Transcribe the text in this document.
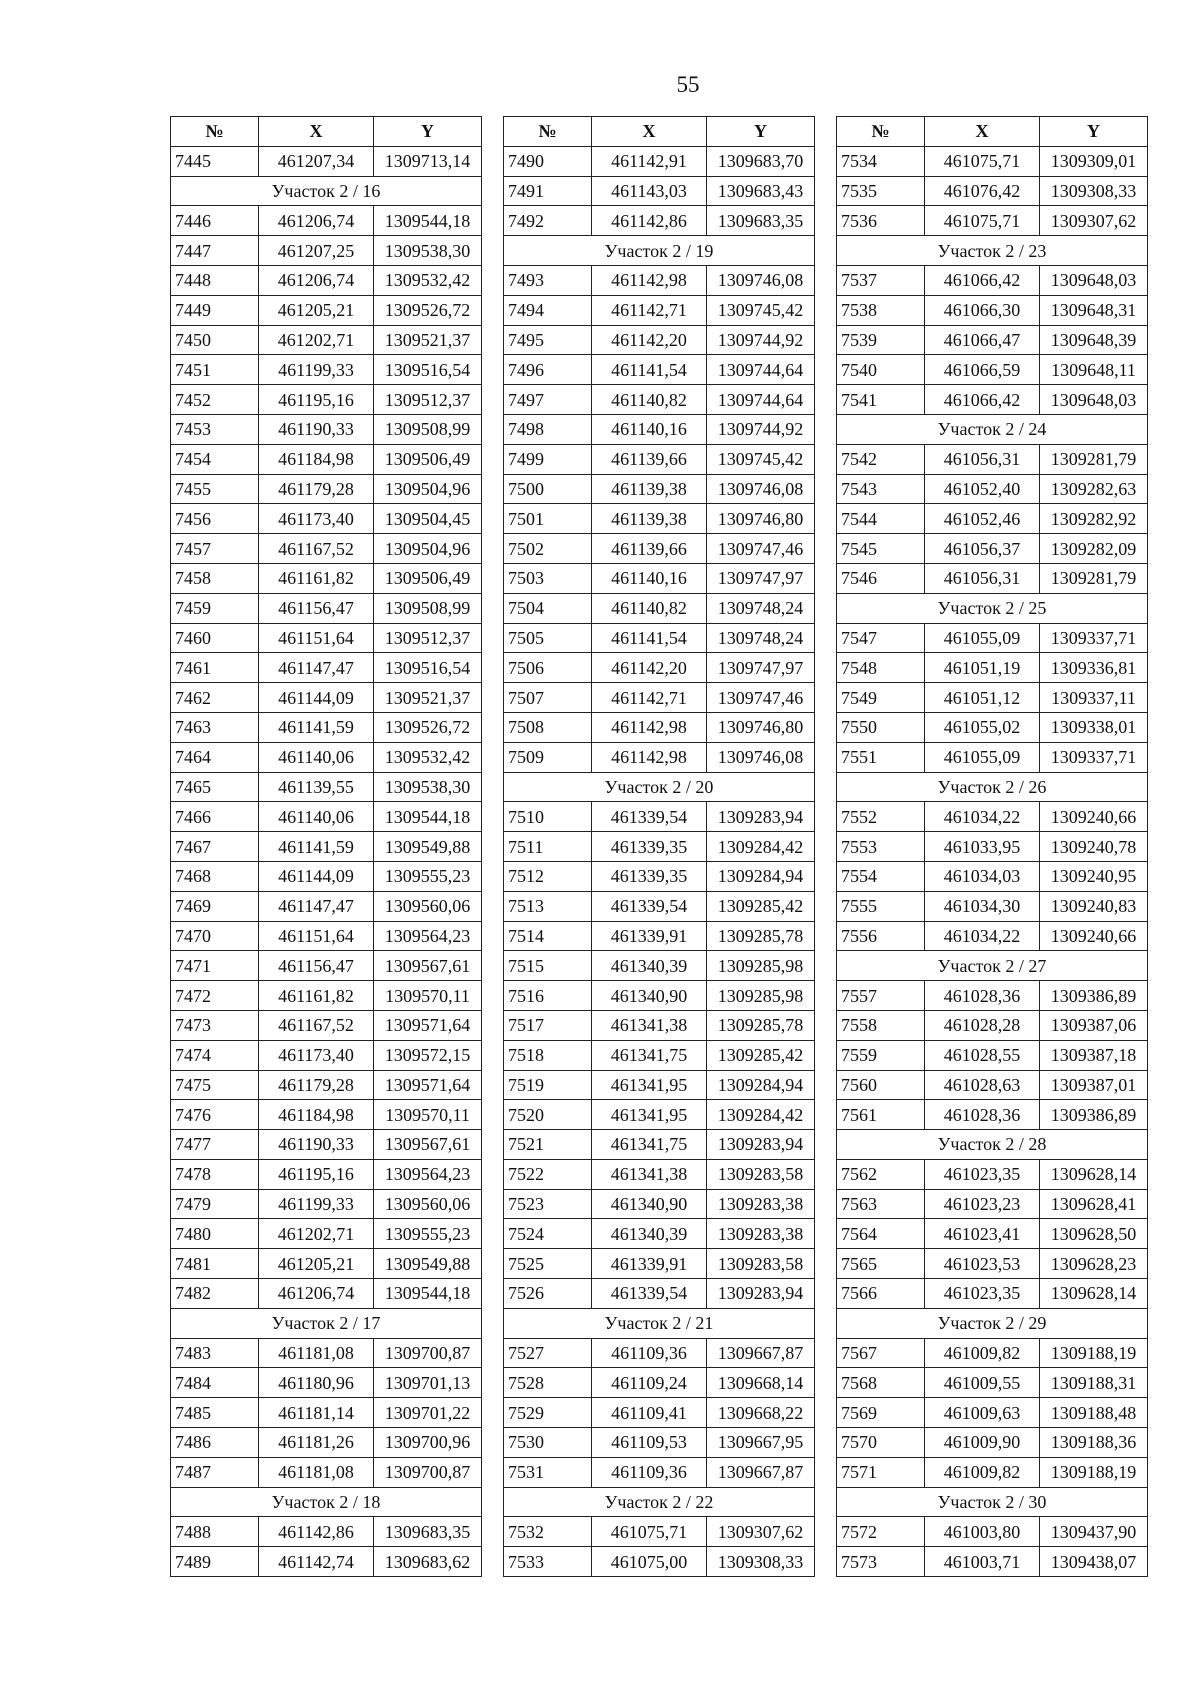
55
№	X	Y
7445	461207,34	1309713,14
Участок 2 / 16		
7446	461206,74	1309544,18
7447	461207,25	1309538,30
7448	461206,74	1309532,42
7449	461205,21	1309526,72
7450	461202,71	1309521,37
7451	461199,33	1309516,54
7452	461195,16	1309512,37
7453	461190,33	1309508,99
7454	461184,98	1309506,49
7455	461179,28	1309504,96
7456	461173,40	1309504,45
7457	461167,52	1309504,96
7458	461161,82	1309506,49
7459	461156,47	1309508,99
7460	461151,64	1309512,37
7461	461147,47	1309516,54
7462	461144,09	1309521,37
7463	461141,59	1309526,72
7464	461140,06	1309532,42
7465	461139,55	1309538,30
7466	461140,06	1309544,18
7467	461141,59	1309549,88
7468	461144,09	1309555,23
7469	461147,47	1309560,06
7470	461151,64	1309564,23
7471	461156,47	1309567,61
7472	461161,82	1309570,11
7473	461167,52	1309571,64
7474	461173,40	1309572,15
7475	461179,28	1309571,64
7476	461184,98	1309570,11
7477	461190,33	1309567,61
7478	461195,16	1309564,23
7479	461199,33	1309560,06
7480	461202,71	1309555,23
7481	461205,21	1309549,88
7482	461206,74	1309544,18
Участок 2 / 17		
7483	461181,08	1309700,87
7484	461180,96	1309701,13
7485	461181,14	1309701,22
7486	461181,26	1309700,96
7487	461181,08	1309700,87
Участок 2 / 18		
7488	461142,86	1309683,35
7489	461142,74	1309683,62
№	X	Y
7490	461142,91	1309683,70
7491	461143,03	1309683,43
7492	461142,86	1309683,35
Участок 2 / 19		
7493	461142,98	1309746,08
7494	461142,71	1309745,42
7495	461142,20	1309744,92
7496	461141,54	1309744,64
7497	461140,82	1309744,64
7498	461140,16	1309744,92
7499	461139,66	1309745,42
7500	461139,38	1309746,08
7501	461139,38	1309746,80
7502	461139,66	1309747,46
7503	461140,16	1309747,97
7504	461140,82	1309748,24
7505	461141,54	1309748,24
7506	461142,20	1309747,97
7507	461142,71	1309747,46
7508	461142,98	1309746,80
7509	461142,98	1309746,08
Участок 2 / 20		
7510	461339,54	1309283,94
7511	461339,35	1309284,42
7512	461339,35	1309284,94
7513	461339,54	1309285,42
7514	461339,91	1309285,78
7515	461340,39	1309285,98
7516	461340,90	1309285,98
7517	461341,38	1309285,78
7518	461341,75	1309285,42
7519	461341,95	1309284,94
7520	461341,95	1309284,42
7521	461341,75	1309283,94
7522	461341,38	1309283,58
7523	461340,90	1309283,38
7524	461340,39	1309283,38
7525	461339,91	1309283,58
7526	461339,54	1309283,94
Участок 2 / 21		
7527	461109,36	1309667,87
7528	461109,24	1309668,14
7529	461109,41	1309668,22
7530	461109,53	1309667,95
7531	461109,36	1309667,87
Участок 2 / 22		
7532	461075,71	1309307,62
7533	461075,00	1309308,33
№	X	Y
7534	461075,71	1309309,01
7535	461076,42	1309308,33
7536	461075,71	1309307,62
Участок 2 / 23		
7537	461066,42	1309648,03
7538	461066,30	1309648,31
7539	461066,47	1309648,39
7540	461066,59	1309648,11
7541	461066,42	1309648,03
Участок 2 / 24		
7542	461056,31	1309281,79
7543	461052,40	1309282,63
7544	461052,46	1309282,92
7545	461056,37	1309282,09
7546	461056,31	1309281,79
Участок 2 / 25		
7547	461055,09	1309337,71
7548	461051,19	1309336,81
7549	461051,12	1309337,11
7550	461055,02	1309338,01
7551	461055,09	1309337,71
Участок 2 / 26		
7552	461034,22	1309240,66
7553	461033,95	1309240,78
7554	461034,03	1309240,95
7555	461034,30	1309240,83
7556	461034,22	1309240,66
Участок 2 / 27		
7557	461028,36	1309386,89
7558	461028,28	1309387,06
7559	461028,55	1309387,18
7560	461028,63	1309387,01
7561	461028,36	1309386,89
Участок 2 / 28		
7562	461023,35	1309628,14
7563	461023,23	1309628,41
7564	461023,41	1309628,50
7565	461023,53	1309628,23
7566	461023,35	1309628,14
Участок 2 / 29		
7567	461009,82	1309188,19
7568	461009,55	1309188,31
7569	461009,63	1309188,48
7570	461009,90	1309188,36
7571	461009,82	1309188,19
Участок 2 / 30		
7572	461003,80	1309437,90
7573	461003,71	1309438,07
